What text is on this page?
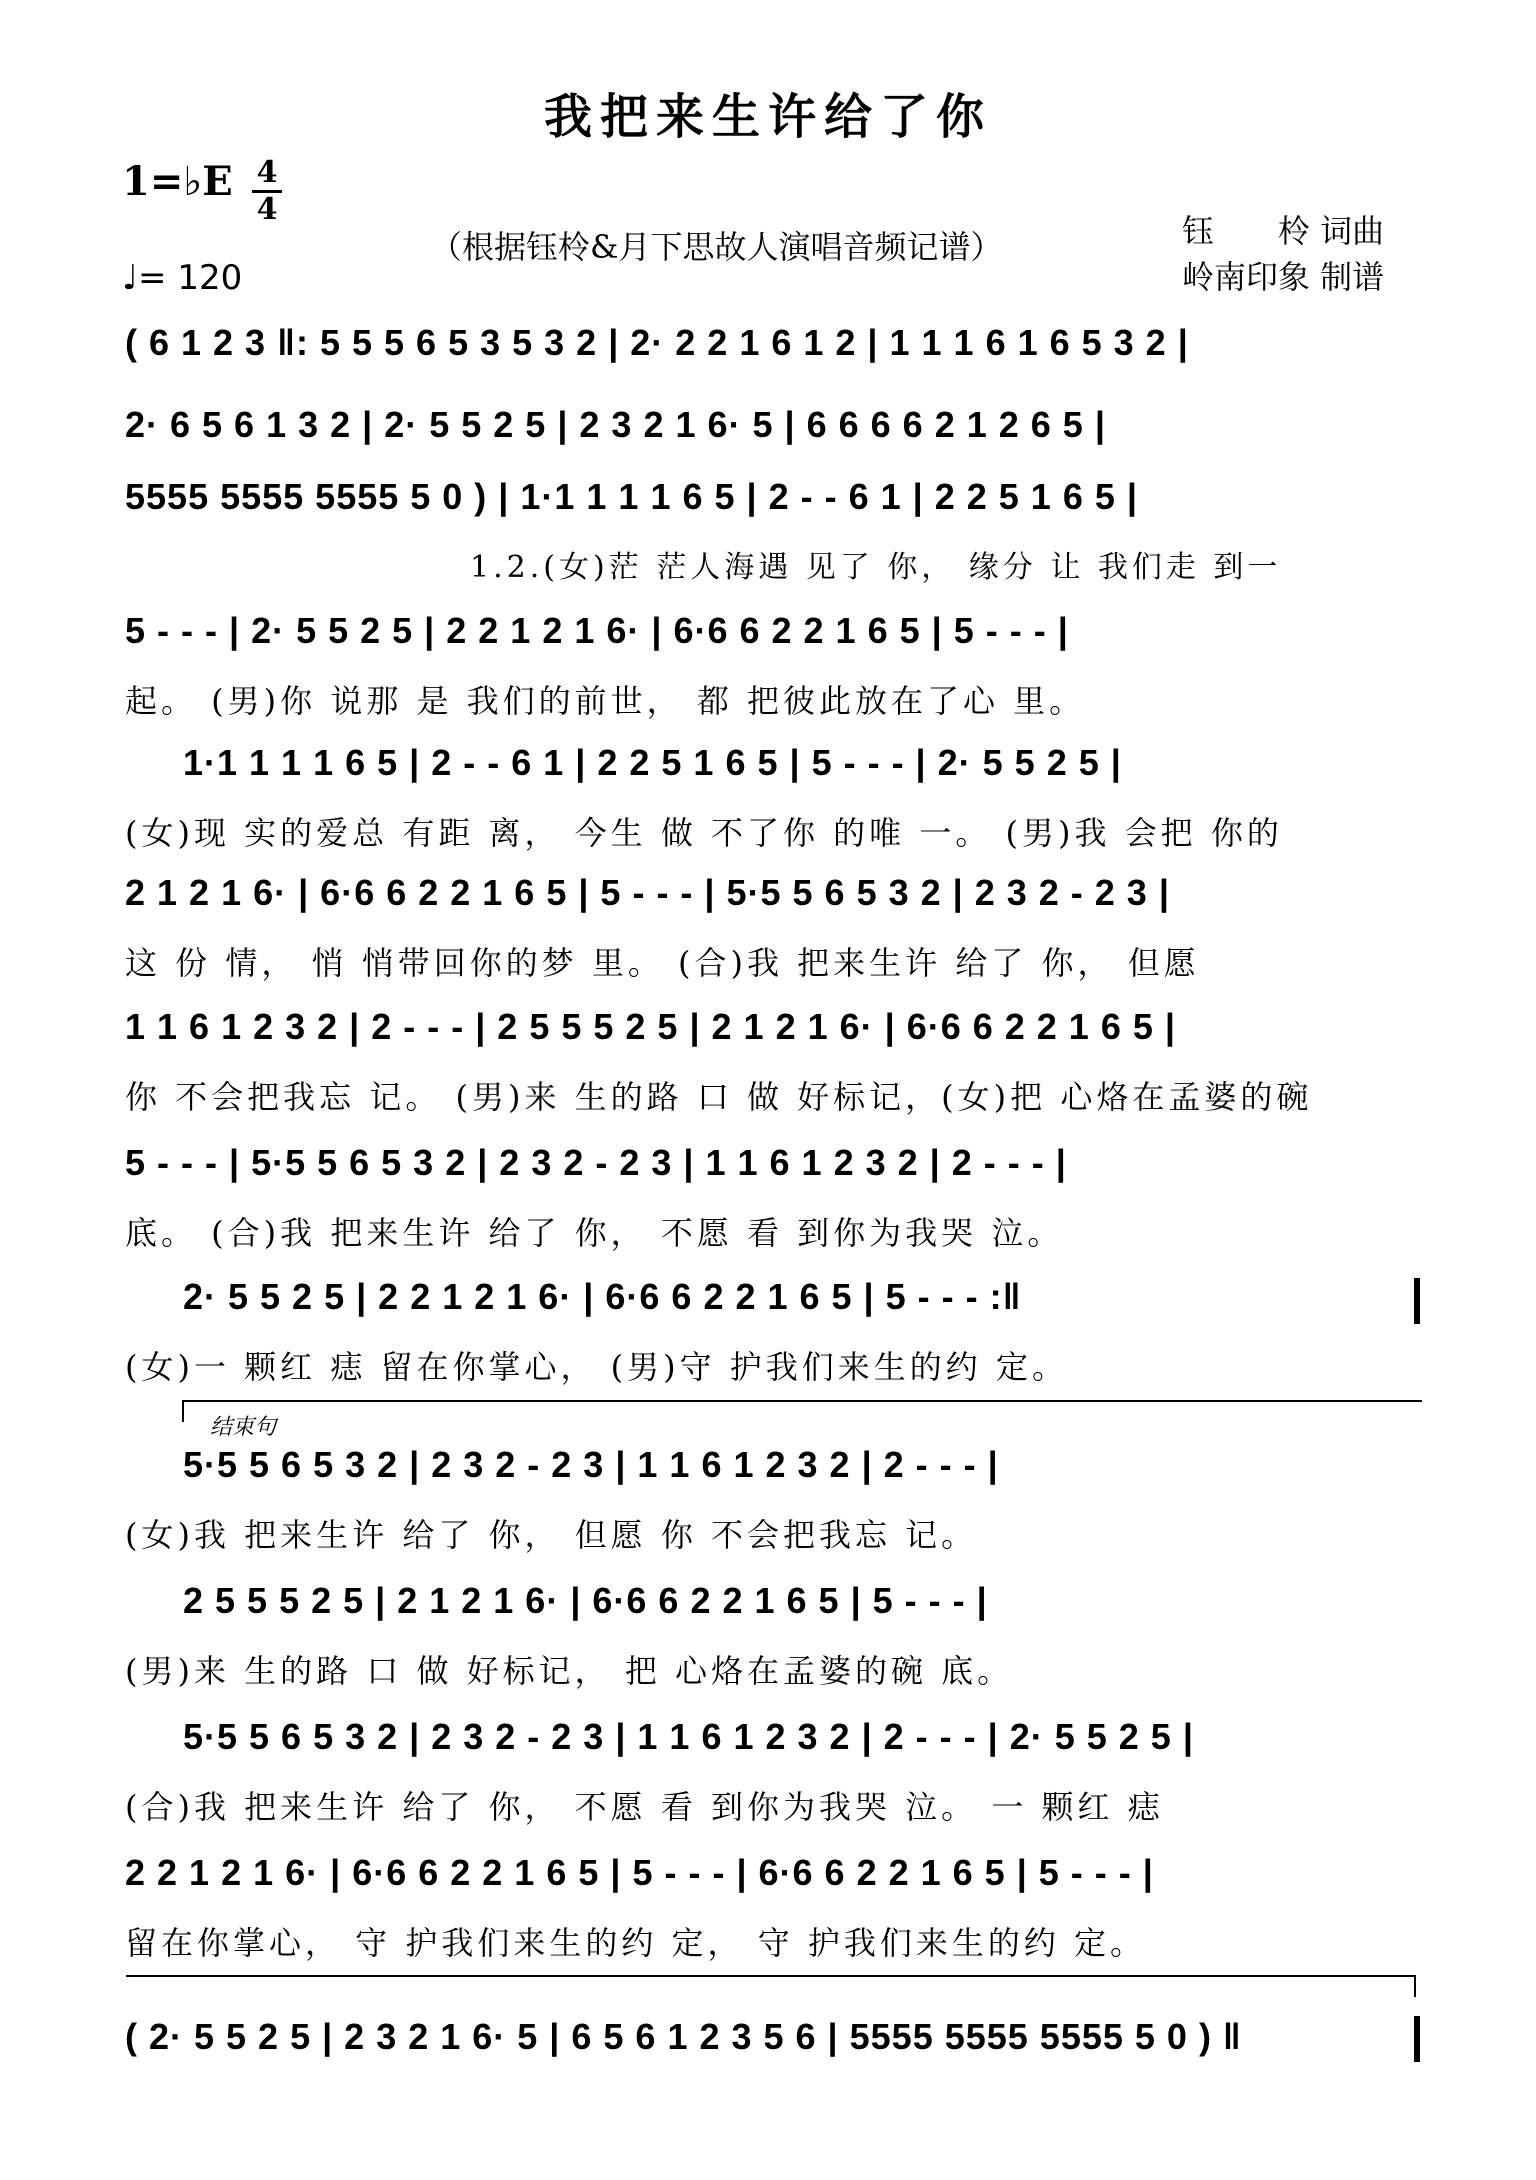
我把来生许给了你
1=♭E 4
4
♩= 120
（根据钰柃&月下思故人演唱音频记谱）	钰　　柃 词曲
岭南印象 制谱
( 6 1 2 3 ‖: 5 5 5 6 5 3 5 3 2 | 2· 2 2 1 6 1 2 | 1 1 1 6 1 6 5 3 2 |
2· 6 5 6 1 3 2 | 2· 5 5 2 5 | 2 3 2 1 6· 5 | 6 6 6 6 2 1 2 6 5 |
5555 5555 5555 5 0 ) | 1·1 1 1 1 6 5 | 2 - - 6 1 | 2 2 5 1 6 5 |
1.2.(女)茫 茫人海遇 见了 你， 缘分 让 我们走 到一
5 - - - | 2· 5 5 2 5 | 2 2 1 2 1 6· | 6·6 6 2 2 1 6 5 | 5 - - - |
起。 (男)你 说那 是 我们的前世， 都 把彼此放在了心 里。
1·1 1 1 1 6 5 | 2 - - 6 1 | 2 2 5 1 6 5 | 5 - - - | 2· 5 5 2 5 |
(女)现 实的爱总 有距 离， 今生 做 不了你 的唯 一。 (男)我 会把 你的
2 1 2 1 6· | 6·6 6 2 2 1 6 5 | 5 - - - | 5·5 5 6 5 3 2 | 2 3 2 - 2 3 |
这 份 情， 悄 悄带回你的梦 里。 (合)我 把来生许 给了 你， 但愿
1 1 6 1 2 3 2 | 2 - - - | 2 5 5 5 2 5 | 2 1 2 1 6· | 6·6 6 2 2 1 6 5 |
你 不会把我忘 记。 (男)来 生的路 口 做 好标记，(女)把 心烙在孟婆的碗
5 - - - | 5·5 5 6 5 3 2 | 2 3 2 - 2 3 | 1 1 6 1 2 3 2 | 2 - - - |
底。 (合)我 把来生许 给了 你， 不愿 看 到你为我哭 泣。
2· 5 5 2 5 | 2 2 1 2 1 6· | 6·6 6 2 2 1 6 5 | 5 - - - :‖
(女)一 颗红 痣 留在你掌心， (男)守 护我们来生的约 定。
结束句
5·5 5 6 5 3 2 | 2 3 2 - 2 3 | 1 1 6 1 2 3 2 | 2 - - - |
(女)我 把来生许 给了 你， 但愿 你 不会把我忘 记。
2 5 5 5 2 5 | 2 1 2 1 6· | 6·6 6 2 2 1 6 5 | 5 - - - |
(男)来 生的路 口 做 好标记， 把 心烙在孟婆的碗 底。
5·5 5 6 5 3 2 | 2 3 2 - 2 3 | 1 1 6 1 2 3 2 | 2 - - - | 2· 5 5 2 5 |
(合)我 把来生许 给了 你， 不愿 看 到你为我哭 泣。 一 颗红 痣
2 2 1 2 1 6· | 6·6 6 2 2 1 6 5 | 5 - - - | 6·6 6 2 2 1 6 5 | 5 - - - |
留在你掌心， 守 护我们来生的约 定， 守 护我们来生的约 定。
( 2· 5 5 2 5 | 2 3 2 1 6· 5 | 6 5 6 1 2 3 5 6 | 5555 5555 5555 5 0 ) ‖
